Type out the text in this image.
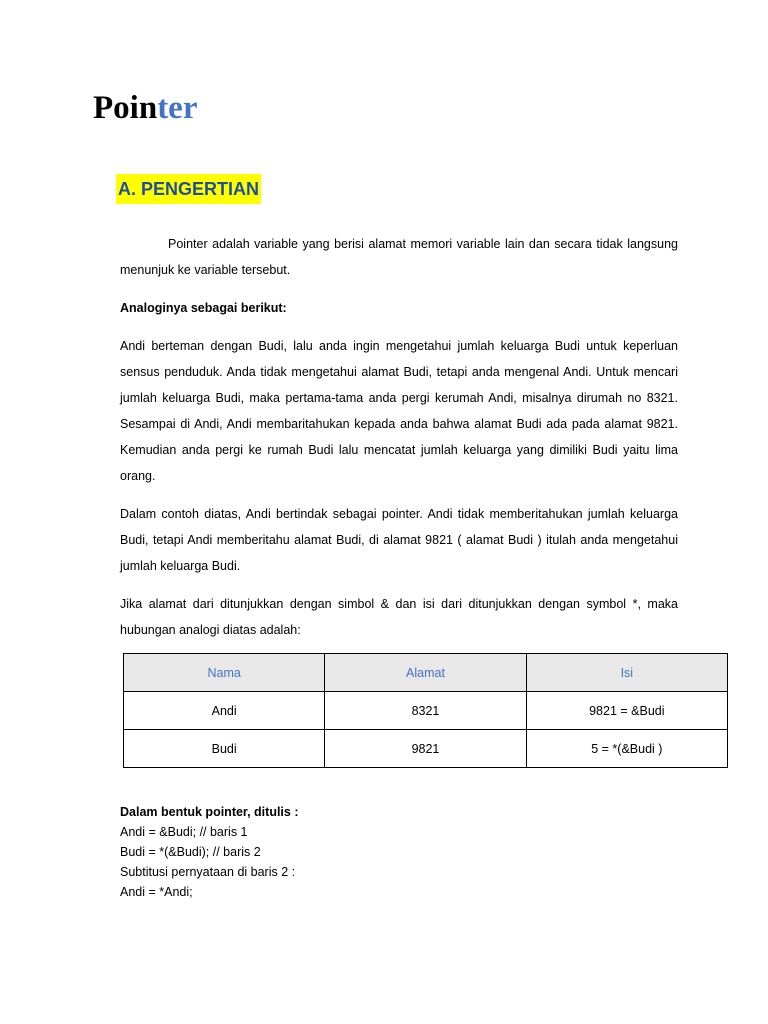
Pointer
A. PENGERTIAN

Pointer adalah variable yang berisi alamat memori variable lain dan secara tidak langsung menunjuk ke variable tersebut.

Analoginya sebagai berikut:

Andi berteman dengan Budi, lalu anda ingin mengetahui jumlah keluarga Budi untuk keperluan sensus penduduk. Anda tidak mengetahui alamat Budi, tetapi anda mengenal Andi. Untuk mencari jumlah keluarga Budi, maka pertama-tama anda pergi kerumah Andi, misalnya dirumah no 8321. Sesampai di Andi, Andi membaritahukan kepada anda bahwa alamat Budi ada pada alamat 9821. Kemudian anda pergi ke rumah Budi lalu mencatat jumlah keluarga yang dimiliki Budi yaitu lima orang.

Dalam contoh diatas, Andi bertindak sebagai pointer. Andi tidak memberitahukan jumlah keluarga Budi, tetapi Andi memberitahu alamat Budi, di alamat 9821 ( alamat Budi ) itulah anda mengetahui jumlah keluarga Budi.

Jika alamat dari ditunjukkan dengan simbol & dan isi dari ditunjukkan dengan symbol *, maka hubungan analogi diatas adalah:

Nama	Alamat	Isi
Andi	8321	9821 = &Budi
Budi	9821	5 = *(&Budi )
Dalam bentuk pointer, ditulis :
Andi = &Budi; // baris 1
Budi = *(&Budi); // baris 2
Subtitusi pernyataan di baris 2 :
Andi = *Andi;
